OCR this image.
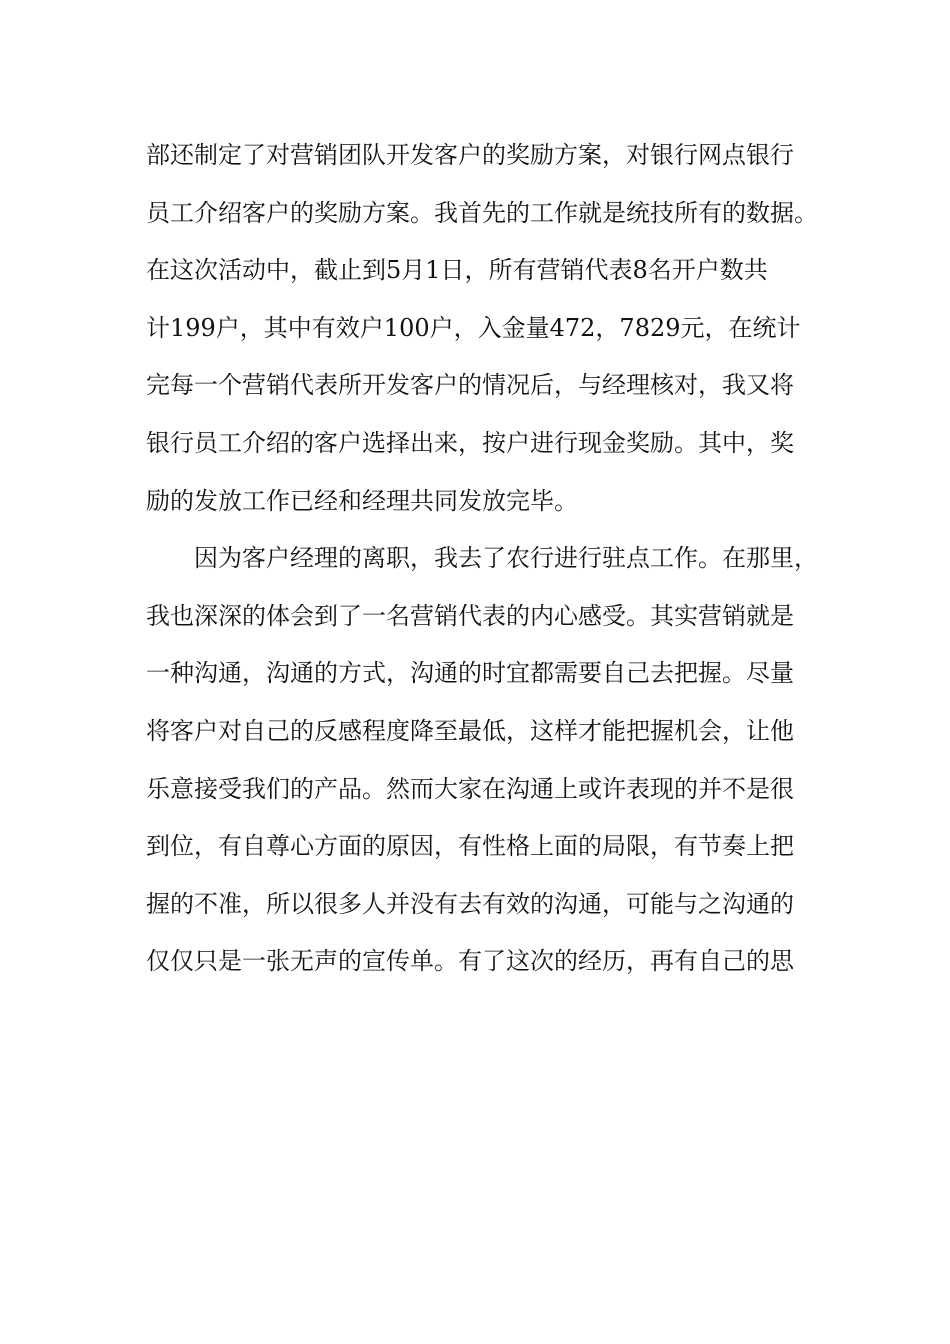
部还制定了对营销团队开发客户的奖励方案，对银行网点银行
员工介绍客户的奖励方案。我首先的工作就是统技所有的数据。
在这次活动中，截止到5月1日，所有营销代表8名开户数共
计199户，其中有效户100户，入金量472，7829元，在统计
完每一个营销代表所开发客户的情况后，与经理核对，我又将
银行员工介绍的客户选择出来，按户进行现金奖励。其中，奖
励的发放工作已经和经理共同发放完毕。
因为客户经理的离职，我去了农行进行驻点工作。在那里，
我也深深的体会到了一名营销代表的内心感受。其实营销就是
一种沟通，沟通的方式，沟通的时宜都需要自己去把握。尽量
将客户对自己的反感程度降至最低，这样才能把握机会，让他
乐意接受我们的产品。然而大家在沟通上或许表现的并不是很
到位，有自尊心方面的原因，有性格上面的局限，有节奏上把
握的不准，所以很多人并没有去有效的沟通，可能与之沟通的
仅仅只是一张无声的宣传单。有了这次的经历，再有自己的思
